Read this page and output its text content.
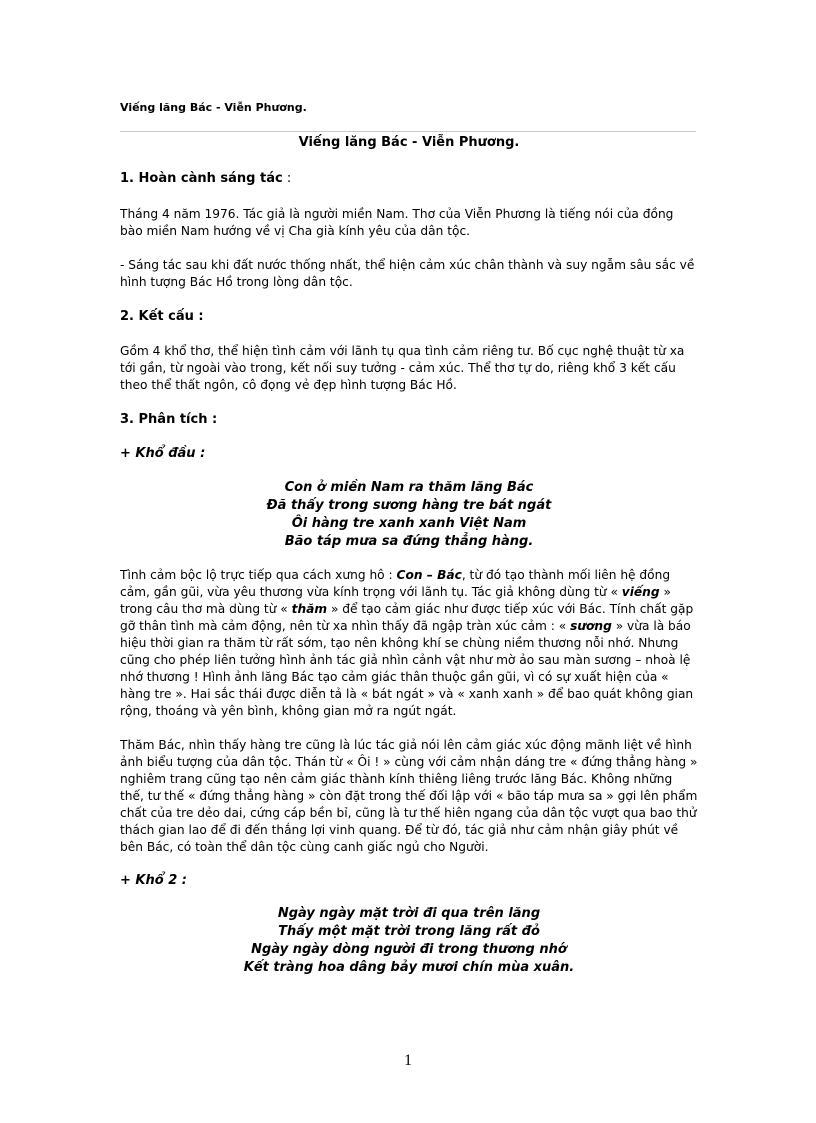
Viếng lăng Bác - Viễn Phương.

Viếng lăng Bác - Viễn Phương.

1. Hoàn cành sáng tác :

Tháng 4 năm 1976. Tác giả là người miền Nam. Thơ của Viễn Phương là tiếng nói của đồng bào miền Nam hướng về vị Cha già kính yêu của dân tộc.

- Sáng tác sau khi đất nước thống nhất, thể hiện cảm xúc chân thành và suy ngẫm sâu sắc về hình tượng Bác Hồ trong lòng dân tộc.

2. Kết cấu :

Gồm 4 khổ thơ, thể hiện tình cảm với lãnh tụ qua tình cảm riêng tư. Bố cục nghệ thuật từ xa tới gần, từ ngoài vào trong, kết nối suy tưởng - cảm xúc. Thể thơ tự do, riêng khổ 3 kết cấu theo thể thất ngôn, cô đọng vẻ đẹp hình tượng Bác Hồ.

3. Phân tích :

+ Khổ đầu :

Con ở miền Nam ra thăm lăng Bác
Đã thấy trong sương hàng tre bát ngát
Ôi hàng tre xanh xanh Việt Nam
Bão táp mưa sa đứng thẳng hàng.

Tình cảm bộc lộ trực tiếp qua cách xưng hô : Con – Bác, từ đó tạo thành mối liên hệ đồng cảm, gần gũi, vừa yêu thương vừa kính trọng với lãnh tụ. Tác giả không dùng từ « viếng » trong câu thơ mà dùng từ « thăm » để tạo cảm giác như được tiếp xúc với Bác. Tính chất gặp gỡ thân tình mà cảm động, nên từ xa nhìn thấy đã ngập tràn xúc cảm : « sương » vừa là báo hiệu thời gian ra thăm từ rất sớm, tạo nên không khí se chùng niềm thương nỗi nhớ. Nhưng cũng cho phép liên tưởng hình ảnh tác giả nhìn cảnh vật như mờ ảo sau màn sương – nhoà lệ nhớ thương ! Hình ảnh lăng Bác tạo cảm giác thân thuộc gần gũi, vì có sự xuất hiện của « hàng tre ». Hai sắc thái được diễn tả là « bát ngát » và « xanh xanh » để bao quát không gian rộng, thoáng và yên bình, không gian mở ra ngút ngát.

Thăm Bác, nhìn thấy hàng tre cũng là lúc tác giả nói lên cảm giác xúc động mãnh liệt về hình ảnh biểu tượng của dân tộc. Thán từ « Ôi ! » cùng với cảm nhận dáng tre « đứng thẳng hàng » nghiêm trang cũng tạo nên cảm giác thành kính thiêng liêng trước lăng Bác. Không những thế, tư thế « đứng thẳng hàng » còn đặt trong thế đối lập với « bão táp mưa sa » gợi lên phẩm chất của tre dẻo dai, cứng cáp bền bỉ, cũng là tư thế hiên ngang của dân tộc vượt qua bao thử thách gian lao để đi đến thắng lợi vinh quang. Để từ đó, tác giả như cảm nhận giây phút về bên Bác, có toàn thể dân tộc cùng canh giấc ngủ cho Người.

+ Khổ 2 :

Ngày ngày mặt trời đi qua trên lăng
Thấy một mặt trời trong lăng rất đỏ
Ngày ngày dòng người đi trong thương nhớ
Kết tràng hoa dâng bảy mươi chín mùa xuân.
1
